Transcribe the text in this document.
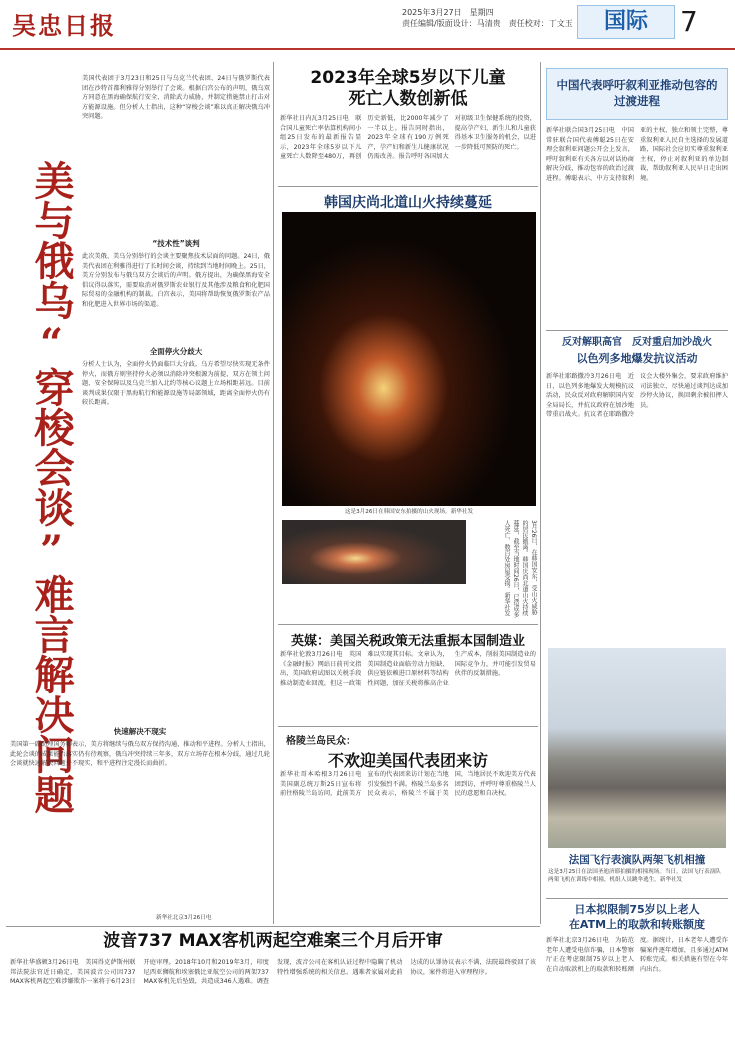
吴忠日报	2025年3月27日　星期四
责任编辑/版面设计：马清贵　责任校对：丁文玉	国际	7
美与俄乌“穿梭会谈”难言解决问题
美国代表团于3月23日和25日与乌克兰代表团、24日与俄罗斯代表团在沙特首都利雅得分别举行了会谈。根据白宫公布的声明，俄乌双方同意在黑海确保航行安全、消除武力威胁，并制定措施禁止打击对方能源设施。但分析人士指出，这种“穿梭会谈”难以真正解决俄乌冲突问题。
“技术性”谈判
此次美俄、美乌分别举行的会谈主要聚焦技术层面的问题。24日，俄美代表团在利雅得进行了长时间会谈，持续到当地时间晚上。25日，美方分别发布与俄乌双方会谈后的声明。俄方提出，为确保黑海安全倡议得以落实，需要取消对俄罗斯农业银行及其他涉及粮食和化肥国际贸易的金融机构的制裁。白宫表示，美国将帮助恢复俄罗斯农产品和化肥进入世界市场的渠道。
全面停火分歧大
分析人士认为，全面停火仍面临巨大分歧。乌方希望尽快实现无条件停火，而俄方则坚持停火必须以消除冲突根源为前提，双方在领土问题、安全保障以及乌克兰加入北约等核心议题上立场相距甚远。目前谈判成果仅限于黑海航行和能源设施等局部领域，距离全面停火仍有较长距离。
快速解决不现实
美国第一副助理国务卿表示，美方将继续与俄乌双方保持沟通，推动和平进程。分析人士指出，此轮会谈的成果能否落实仍有待观察，俄乌冲突持续三年多，双方立场存在根本分歧，通过几轮会谈就快速解决问题并不现实，和平进程注定漫长而曲折。
新华社北京3月26日电
2023年全球5岁以下儿童
死亡人数创新低
新华社日内瓦3月25日电　联合国儿童死亡率估算机构间小组25日发布的最新报告显示，2023年全球5岁以下儿童死亡人数降至480万，再创历史新低，比2000年减少了一半以上。报告同时指出，2023年全球有190万例死产，孕产妇和新生儿健康状况仍需改善。报告呼吁各国加大对初级卫生保健系统的投资，提高孕产妇、新生儿和儿童获得基本卫生服务的机会，以进一步降低可预防的死亡。
韩国庆尚北道山火持续蔓延
这是3月26日在韩国安东拍摄的山火现场。新华社发
3月26日，在韩国安东，受山火威胁的居民撤离。韩国庆尚北道山火持续蔓延，截至当地时间26日，已造成多人死亡、数百处房屋受损。新华社发
英媒：美国关税政策无法重振本国制造业
新华社伦敦3月26日电　英国《金融时报》网站日前刊文指出，美国政府试图以关税手段推动制造业回流，但这一政策难以实现其目标。文章认为，美国制造业面临劳动力短缺、供应链依赖进口原材料等结构性问题，加征关税将推高企业生产成本，削弱美国制造业的国际竞争力，并可能引发贸易伙伴的反制措施。
格陵兰岛民众：
不欢迎美国代表团来访
新华社哥本哈根3月26日电　美国副总统万斯25日宣布将前往格陵兰岛访问，此前美方宣布的代表团来访计划在当地引发强烈不满。格陵兰岛多名民众表示，格陵兰不属于美国，当地居民不欢迎美方代表团到访，并呼吁尊重格陵兰人民的意愿和自决权。
中国代表呼吁叙利亚推动包容的过渡进程
新华社联合国3月25日电　中国常驻联合国代表傅聪25日在安理会叙利亚问题公开会上发言，呼吁叙利亚有关各方以对话协商解决分歧，推动包容的政治过渡进程。傅聪表示，中方支持叙利亚的主权、独立和领土完整，尊重叙利亚人民自主选择的发展道路，国际社会应切实尊重叙利亚主权，停止对叙利亚的单边制裁，帮助叙利亚人民早日走出困境。
反对解职高官　反对重启加沙战火
以色列多地爆发抗议活动
新华社耶路撒冷3月26日电　近日，以色列多地爆发大规模抗议活动，民众反对政府解职国内安全局局长，并抗议政府在加沙地带重启战火。抗议者在耶路撒冷议会大楼外集会，要求政府维护司法独立，尽快通过谈判达成加沙停火协议，换回剩余被扣押人员。
法国飞行表演队两架飞机相撞
这是3月25日在法国圣迪济耶拍摄的相撞现场。当日，法国飞行表演队两架飞机在训练中相撞，机组人员跳伞逃生。新华社发
日本拟限制75岁以上老人
在ATM上的取款和转账额度
新华社北京3月26日电　为防范老年人遭受电信诈骗，日本警察厅正在考虑限制75岁以上老人在自动取款机上的取款和转账额度。据统计，日本老年人遭受诈骗案件逐年增加，且多通过ATM转账完成。相关措施有望在今年内出台。
波音737 MAX客机两起空难案三个月后开审
新华社华盛顿3月26日电　美国得克萨斯州联邦法院法官近日确定，美国波音公司因737 MAX客机两起空难涉嫌欺诈一案将于6月23日开庭审理。2018年10月和2019年3月，印度尼西亚狮航和埃塞俄比亚航空公司的两架737 MAX客机先后坠毁，共造成346人遇难。调查发现，波音公司在客机认证过程中隐瞒了机动特性增强系统的相关信息。遇难者家属对此前达成的认罪协议表示不满，法院最终驳回了该协议，案件将进入审理程序。
